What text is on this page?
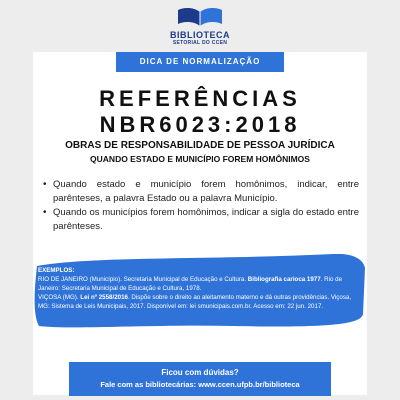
BIBLIOTECA
SETORIAL DO CCEN
DICA DE NORMALIZAÇÃO
REFERÊNCIAS
NBR6023:2018
OBRAS DE RESPONSABILIDADE DE PESSOA JURÍDICA
QUANDO ESTADO E MUNICÍPIO FOREM HOMÔNIMOS
• Quando estado e município forem homônimos, indicar, entre parênteses, a palavra Estado ou a palavra Município.
• Quando os municípios forem homônimos, indicar a sigla do estado entre parênteses.
EXEMPLOS:
RIO DE JANEIRO (Município). Secretaria Municipal de Educação e Cultura. Bibliografia carioca 1977. Rio de Janeiro: Secretaria Municipal de Educação e Cultura, 1978.
VIÇOSA (MG). Lei nº 2558/2016. Dispõe sobre o direito ao aleitamento materno e dá outras providências. Viçosa, MG: Sistema de Leis Municipais, 2017. Disponível em: lei smunicipais.com.br. Acesso em: 22 jun. 2017.
Ficou com dúvidas?
Fale com as bibliotecárias: www.ccen.ufpb.br/biblioteca
